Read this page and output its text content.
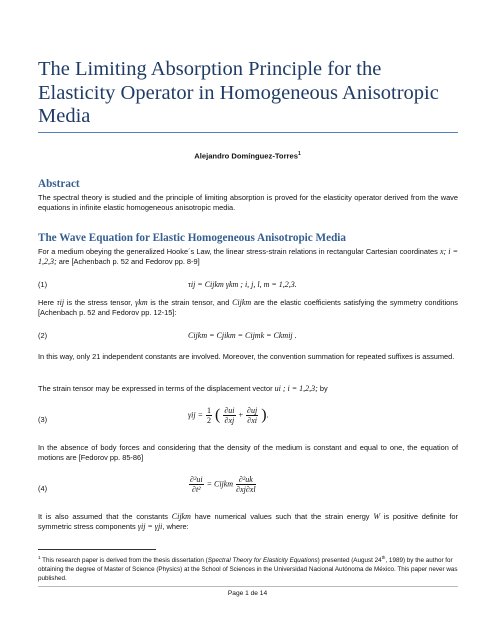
The Limiting Absorption Principle for the Elasticity Operator in Homogeneous Anisotropic Media
Alejandro Domínguez-Torres$^1$
Abstract

The spectral theory is studied and the principle of limiting absorption is proved for the elasticity operator derived from the wave equations in infinite elastic homogeneous anisotropic media.

The Wave Equation for Elastic Homogeneous Anisotropic Media

For a medium obeying the generalized Hooke´s Law, the linear stress-strain relations in rectangular Cartesian coordinates x; i = 1,2,3; are [Achenbach p. 52 and Fedorov pp. 8-9]

(1)	τij = Cijkm γkm ; i, j, l, m = 1,2,3.

Here τij is the stress tensor, γkm is the strain tensor, and Cijkm are the elastic coefficients satisfying the symmetry conditions [Achenbach p. 52 and Fedorov pp. 12-15]:

(2)	Cijkm = Cjikm = Cijmk = Ckmij .

In this way, only 21 independent constants are involved. Moreover, the convention summation for repeated suffixes is assumed.

The strain tensor may be expressed in terms of the displacement vector ui ; i = 1,2,3; by

(3)
$\gamma ij = \frac{1}{2}$ ( $\frac{\partial ui}{\partial xj} + \frac{\partial uj}{\partial xi}$ ).

In the absence of body forces and considering that the density of the medium is constant and equal to one, the equation of motions are [Fedorov pp. 85-86]

(4)	$\frac{\text{∂²ui}}{\text{∂t²}}$ = Cijkm $\frac{\text{∂²uk}}{\partial xj\partial xl}$

It is also assumed that the constants Cijkm have numerical values such that the strain energy W is positive definite for symmetric stress components γij = γji, where:

$^1$ This research paper is derived from the thesis dissertation (Spectral Theory for Elasticity Equations) presented (August 24th, 1989) by the author for obtaining the degree of Master of Science (Physics) at the School of Sciences in the Universidad Nacional Autónoma de México. This paper never was published.

Page 1 de 14
